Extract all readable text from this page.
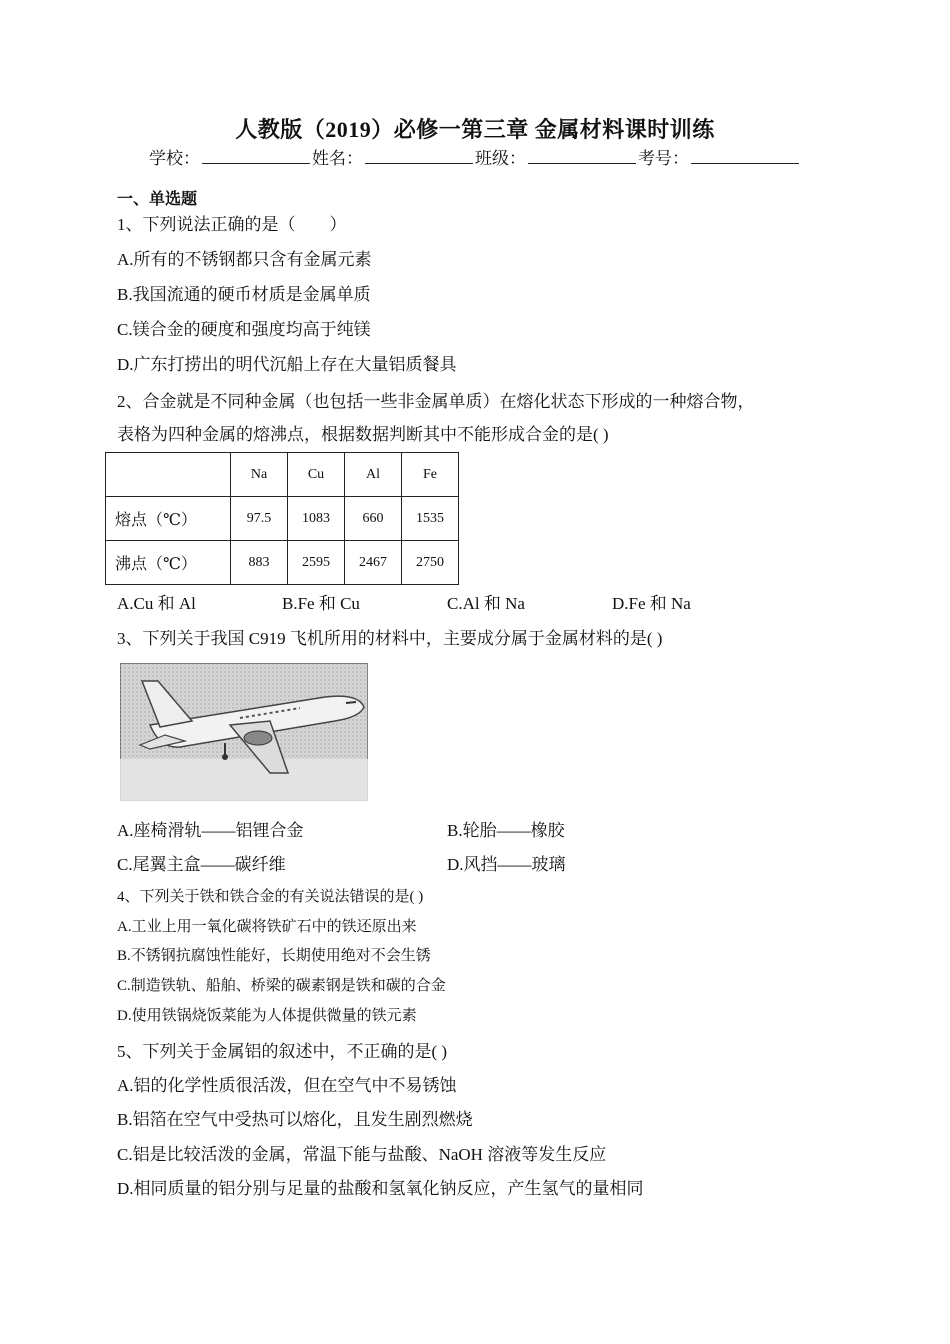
人教版（2019）必修一第三章 金属材料课时训练
学校：	姓名：	班级：	考号：
一、单选题
1、下列说法正确的是（　　）
A.所有的不锈钢都只含有金属元素
B.我国流通的硬币材质是金属单质
C.镁合金的硬度和强度均高于纯镁
D.广东打捞出的明代沉船上存在大量铝质餐具
2、合金就是不同种金属（也包括一些非金属单质）在熔化状态下形成的一种熔合物，
表格为四种金属的熔沸点，根据数据判断其中不能形成合金的是( )
	Na	Cu	Al	Fe
熔点（℃）	97.5	1083	660	1535
沸点（℃）	883	2595	2467	2750
A.Cu 和 Al	B.Fe 和 Cu	C.Al 和 Na	D.Fe 和 Na
3、下列关于我国 C919 飞机所用的材料中，主要成分属于金属材料的是( )
A.座椅滑轨——铝锂合金	B.轮胎——橡胶
C.尾翼主盒——碳纤维	D.风挡——玻璃
4、下列关于铁和铁合金的有关说法错误的是( )
A.工业上用一氧化碳将铁矿石中的铁还原出来
B.不锈钢抗腐蚀性能好，长期使用绝对不会生锈
C.制造铁轨、船舶、桥梁的碳素钢是铁和碳的合金
D.使用铁锅烧饭菜能为人体提供微量的铁元素
5、下列关于金属铝的叙述中，不正确的是( )
A.铝的化学性质很活泼，但在空气中不易锈蚀
B.铝箔在空气中受热可以熔化，且发生剧烈燃烧
C.铝是比较活泼的金属，常温下能与盐酸、NaOH 溶液等发生反应
D.相同质量的铝分别与足量的盐酸和氢氧化钠反应，产生氢气的量相同
